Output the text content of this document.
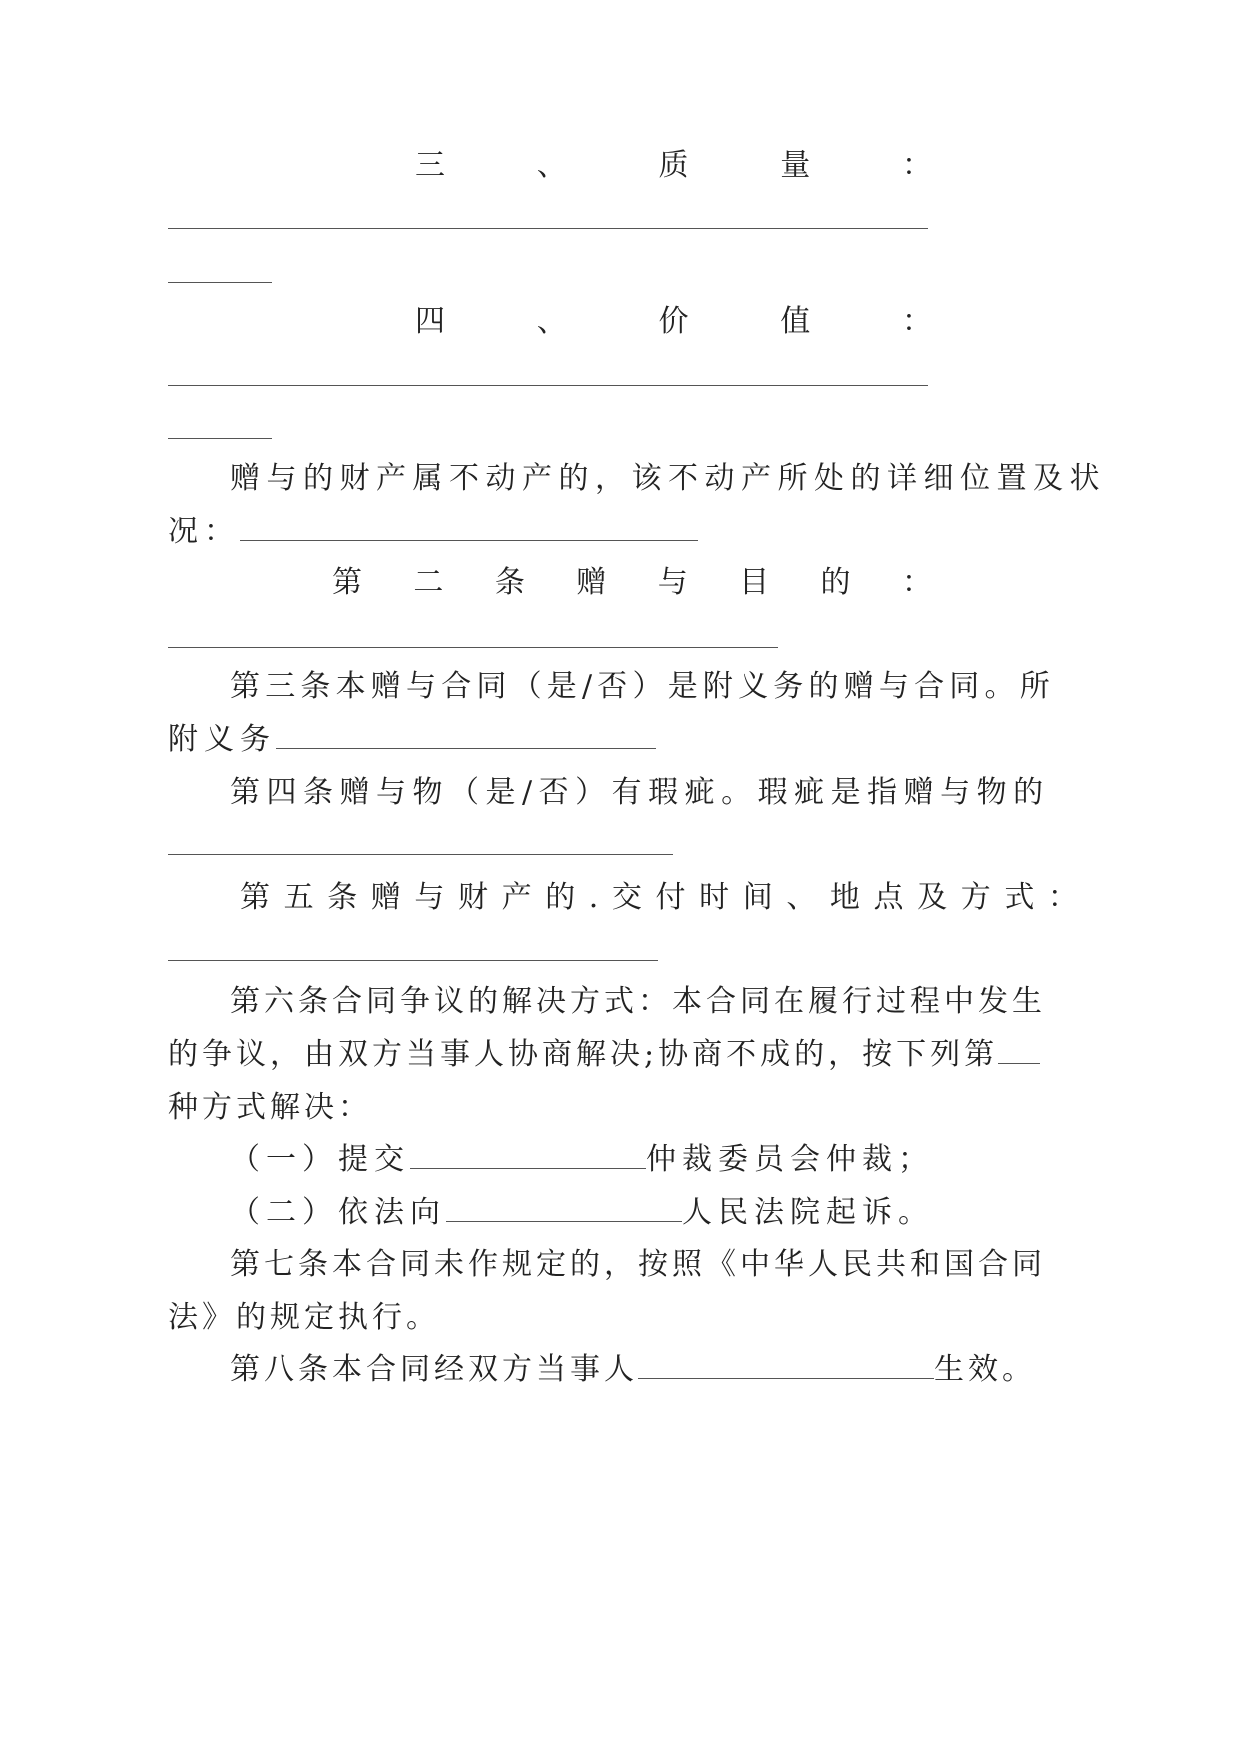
三	、	质	量	：
四	、	价	值	：
赠与的财产属不动产的，该不动产所处的详细位置及状
况：
第 二 条 赠 与 目 的 ：
第三条本赠与合同（是/否）是附义务的赠与合同。所
附义务
第四条赠与物（是/否）有瑕疵。瑕疵是指赠与物的
第五条赠与财产的.交付时间、地点及方式：
第六条合同争议的解决方式：本合同在履行过程中发生
的争议，由双方当事人协商解决;协商不成的，按下列第
种方式解决：
（一）提交	仲裁委员会仲裁；
（二）依法向	人民法院起诉。
第七条本合同未作规定的，按照《中华人民共和国合同
法》的规定执行。
第八条本合同经双方当事人	生效。
